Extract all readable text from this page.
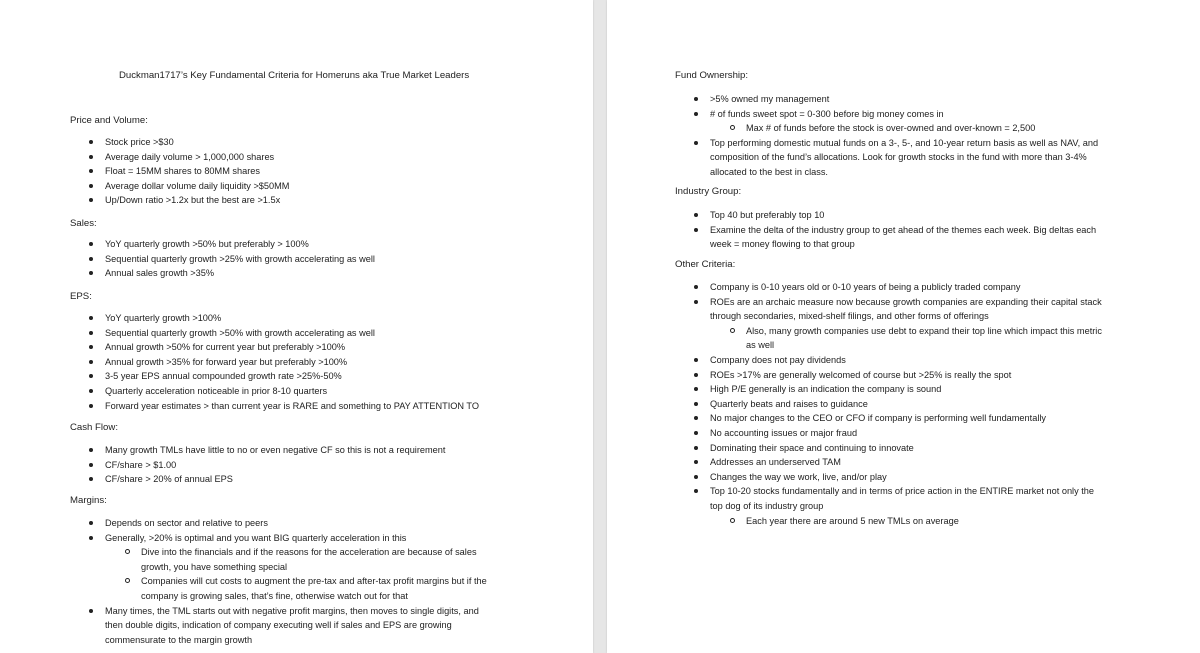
Duckman1717’s Key Fundamental Criteria for Homeruns aka True Market Leaders
Price and Volume:
Stock price >$30
Average daily volume > 1,000,000 shares
Float = 15MM shares to 80MM shares
Average dollar volume daily liquidity >$50MM
Up/Down ratio >1.2x but the best are >1.5x
Sales:
YoY quarterly growth >50% but preferably > 100%
Sequential quarterly growth >25% with growth accelerating as well
Annual sales growth >35%
EPS:
YoY quarterly growth >100%
Sequential quarterly growth >50% with growth accelerating as well
Annual growth >50% for current year but preferably >100%
Annual growth >35% for forward year but preferably >100%
3-5 year EPS annual compounded growth rate >25%-50%
Quarterly acceleration noticeable in prior 8-10 quarters
Forward year estimates > than current year is RARE and something to PAY ATTENTION TO
Cash Flow:
Many growth TMLs have little to no or even negative CF so this is not a requirement
CF/share > $1.00
CF/share > 20% of annual EPS
Margins:
Depends on sector and relative to peers
Generally, >20% is optimal and you want BIG quarterly acceleration in this
Dive into the financials and if the reasons for the acceleration are because of sales
growth, you have something special
Companies will cut costs to augment the pre-tax and after-tax profit margins but if the
company is growing sales, that’s fine, otherwise watch out for that
Many times, the TML starts out with negative profit margins, then moves to single digits, and
then double digits, indication of company executing well if sales and EPS are growing
commensurate to the margin growth
Fund Ownership:
>5% owned my management
# of funds sweet spot = 0-300 before big money comes in
Max # of funds before the stock is over-owned and over-known = 2,500
Top performing domestic mutual funds on a 3-, 5-, and 10-year return basis as well as NAV, and
composition of the fund’s allocations. Look for growth stocks in the fund with more than 3-4%
allocated to the best in class.
Industry Group:
Top 40 but preferably top 10
Examine the delta of the industry group to get ahead of the themes each week. Big deltas each
week = money flowing to that group
Other Criteria:
Company is 0-10 years old or 0-10 years of being a publicly traded company
ROEs are an archaic measure now because growth companies are expanding their capital stack
through secondaries, mixed-shelf filings, and other forms of offerings
Also, many growth companies use debt to expand their top line which impact this metric
as well
Company does not pay dividends
ROEs >17% are generally welcomed of course but >25% is really the spot
High P/E generally is an indication the company is sound
Quarterly beats and raises to guidance
No major changes to the CEO or CFO if company is performing well fundamentally
No accounting issues or major fraud
Dominating their space and continuing to innovate
Addresses an underserved TAM
Changes the way we work, live, and/or play
Top 10-20 stocks fundamentally and in terms of price action in the ENTIRE market not only the
top dog of its industry group
Each year there are around 5 new TMLs on average
